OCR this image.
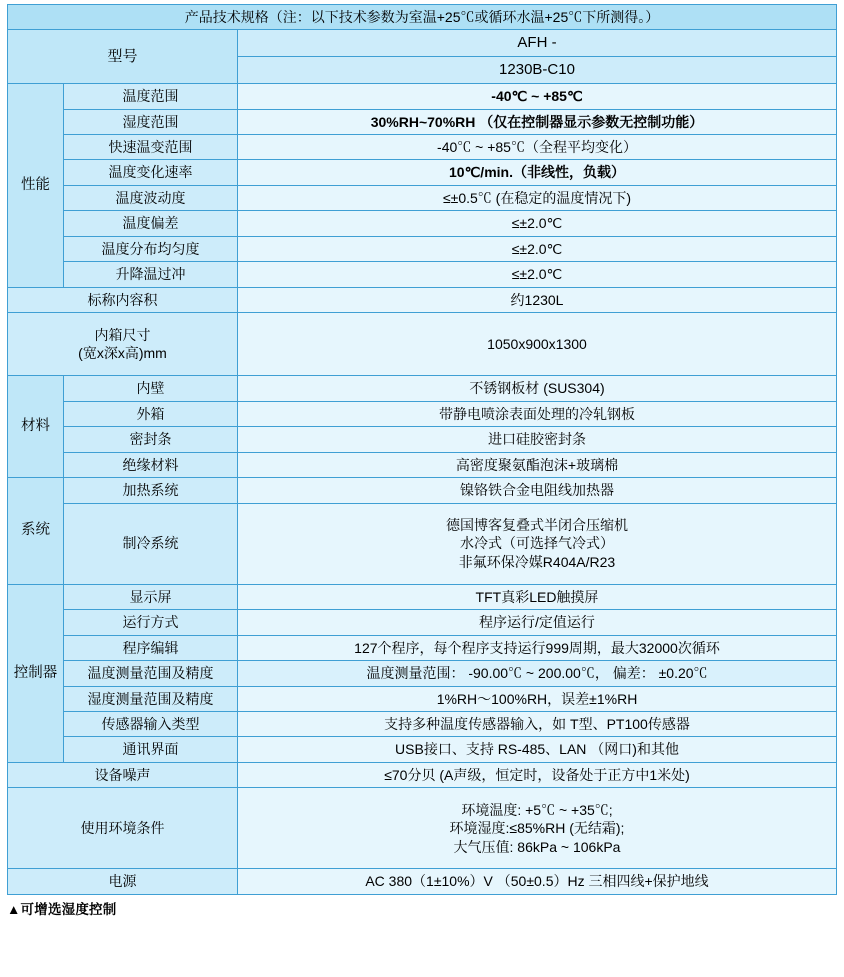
产品技术规格（注：以下技术参数为室温+25℃或循环水温+25℃下所测得。）		
型号		AFH -
		1230B-C10
性能	温度范围	-40℃ ~ +85℃
	湿度范围	30%RH~70%RH （仅在控制器显示参数无控制功能）
	快速温变范围	-40℃ ~ +85℃（全程平均变化）
	温度变化速率	10℃/min.（非线性，负载）
	温度波动度	≤±0.5℃ (在稳定的温度情况下)
	温度偏差	≤±2.0℃
	温度分布均匀度	≤±2.0℃
	升降温过冲	≤±2.0℃
标称内容积		约1230L
内箱尺寸
(宽x深x高)mm		1050x900x1300
材料	内壁	不锈钢板材 (SUS304)
	外箱	带静电喷涂表面处理的冷轧钢板
	密封条	进口硅胶密封条
	绝缘材料	高密度聚氨酯泡沫+玻璃棉
系统	加热系统	镍铬铁合金电阻线加热器
	制冷系统	德国博客复叠式半闭合压缩机
水冷式（可选择气冷式）
非氟环保冷媒R404A/R23
控制器	显示屏	TFT真彩LED触摸屏
	运行方式	程序运行/定值运行
	程序编辑	127个程序，每个程序支持运行999周期，最大32000次循环
	温度测量范围及精度	温度测量范围： -90.00℃ ~ 200.00℃， 偏差： ±0.20℃
	湿度测量范围及精度	1%RH～100%RH，误差±1%RH
	传感器输入类型	支持多种温度传感器输入，如 T型、PT100传感器
	通讯界面	USB接口、支持 RS-485、LAN （网口)和其他
设备噪声		≤70分贝 (A声级，恒定时，设备处于正方中1米处)
使用环境条件		环境温度: +5℃ ~ +35℃;
环境湿度:≤85%RH (无结霜);
大气压值: 86kPa ~ 106kPa
电源		AC 380（1±10%）V （50±0.5）Hz 三相四线+保护地线
▲可增选湿度控制
